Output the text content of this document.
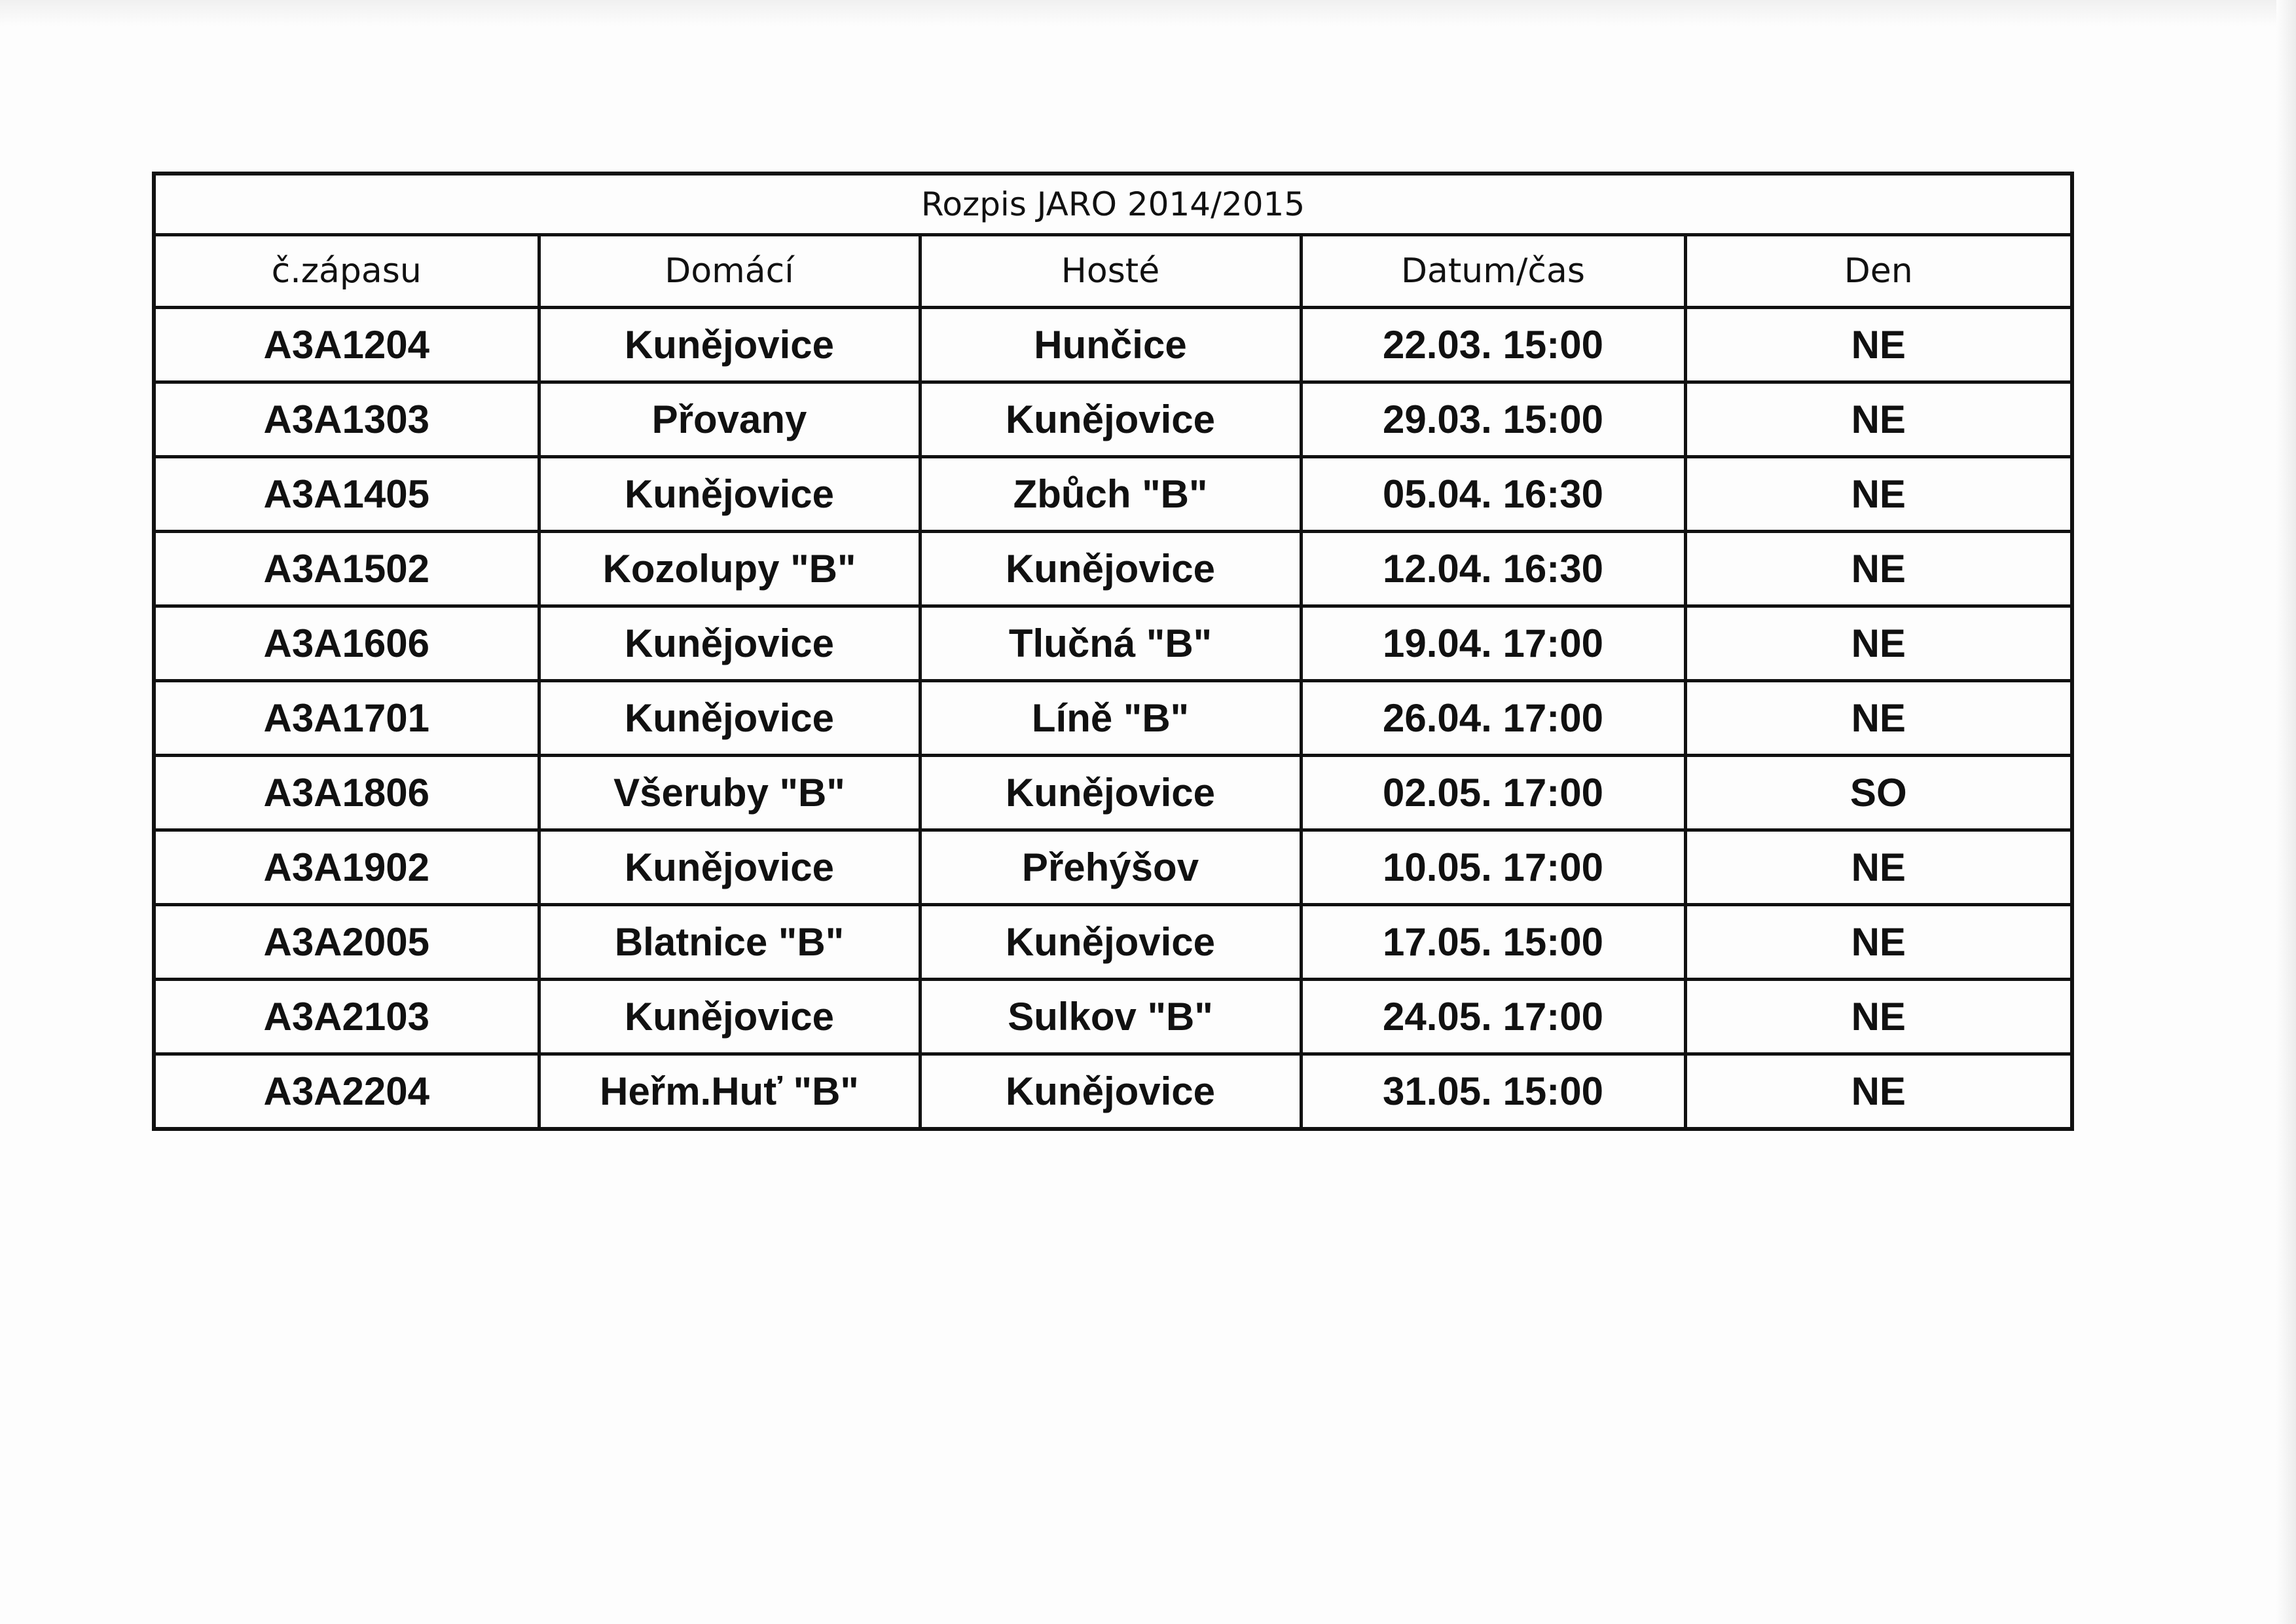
Rozpis JARO 2014/2015				
č.zápasu	Domácí	Hosté	Datum/čas	Den
A3A1204	Kunějovice	Hunčice	22.03. 15:00	NE
A3A1303	Přovany	Kunějovice	29.03. 15:00	NE
A3A1405	Kunějovice	Zbůch "B"	05.04. 16:30	NE
A3A1502	Kozolupy "B"	Kunějovice	12.04. 16:30	NE
A3A1606	Kunějovice	Tlučná "B"	19.04. 17:00	NE
A3A1701	Kunějovice	Líně "B"	26.04. 17:00	NE
A3A1806	Všeruby "B"	Kunějovice	02.05. 17:00	SO
A3A1902	Kunějovice	Přehýšov	10.05. 17:00	NE
A3A2005	Blatnice "B"	Kunějovice	17.05. 15:00	NE
A3A2103	Kunějovice	Sulkov "B"	24.05. 17:00	NE
A3A2204	Heřm.Huť "B"	Kunějovice	31.05. 15:00	NE
